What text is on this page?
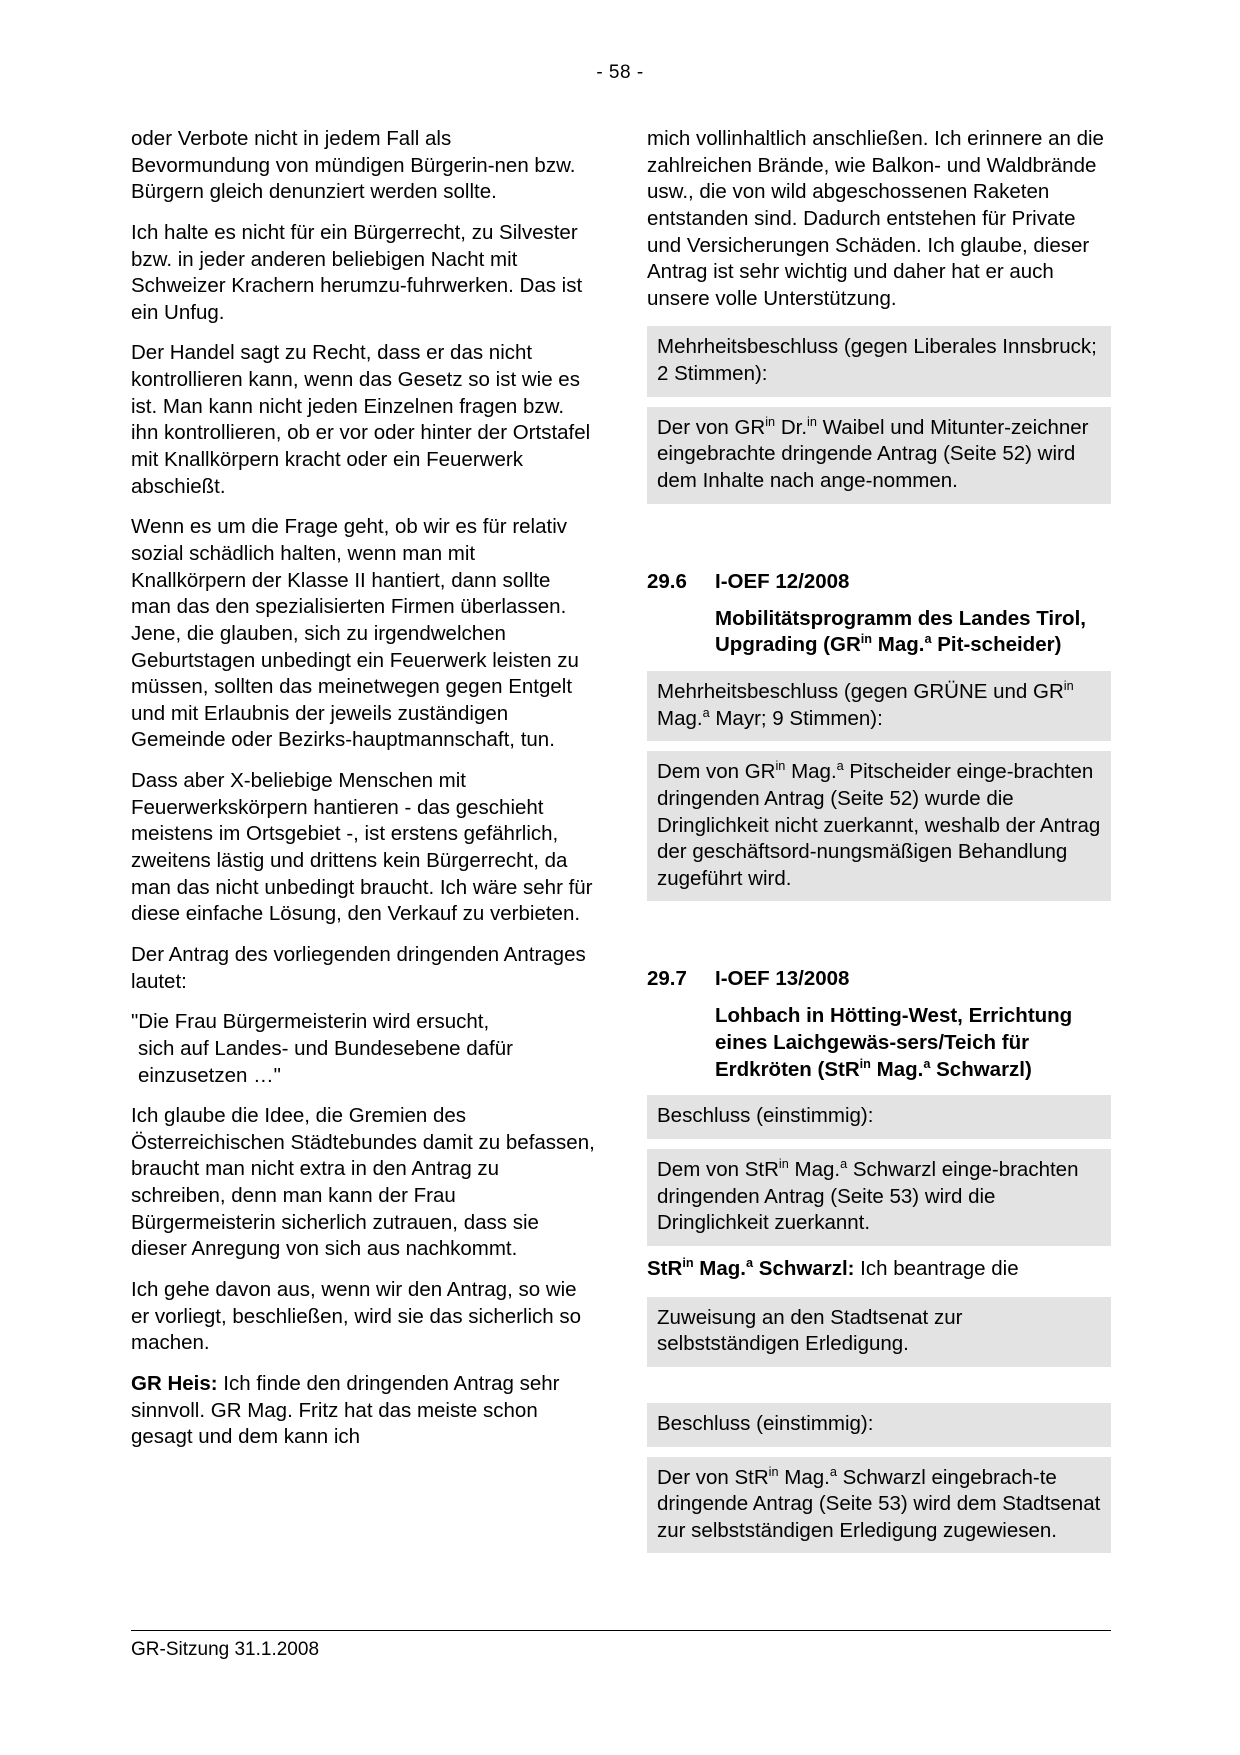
- 58 -

oder Verbote nicht in jedem Fall als Bevormundung von mündigen Bürgerin-nen bzw. Bürgern gleich denunziert werden sollte.

Ich halte es nicht für ein Bürgerrecht, zu Silvester bzw. in jeder anderen beliebigen Nacht mit Schweizer Krachern herumzu-fuhrwerken. Das ist ein Unfug.

Der Handel sagt zu Recht, dass er das nicht kontrollieren kann, wenn das Gesetz so ist wie es ist. Man kann nicht jeden Einzelnen fragen bzw. ihn kontrollieren, ob er vor oder hinter der Ortstafel mit Knallkörpern kracht oder ein Feuerwerk abschießt.

Wenn es um die Frage geht, ob wir es für relativ sozial schädlich halten, wenn man mit Knallkörpern der Klasse II hantiert, dann sollte man das den spezialisierten Firmen überlassen. Jene, die glauben, sich zu irgendwelchen Geburtstagen unbedingt ein Feuerwerk leisten zu müssen, sollten das meinetwegen gegen Entgelt und mit Erlaubnis der jeweils zuständigen Gemeinde oder Bezirks-hauptmannschaft, tun.

Dass aber X-beliebige Menschen mit Feuerwerkskörpern hantieren - das geschieht meistens im Ortsgebiet -, ist erstens gefährlich, zweitens lästig und drittens kein Bürgerrecht, da man das nicht unbedingt braucht. Ich wäre sehr für diese einfache Lösung, den Verkauf zu verbieten.

Der Antrag des vorliegenden dringenden Antrages lautet:

"Die Frau Bürgermeisterin wird ersucht,
sich auf Landes- und Bundesebene dafür
einzusetzen …"

Ich glaube die Idee, die Gremien des Österreichischen Städtebundes damit zu befassen, braucht man nicht extra in den Antrag zu schreiben, denn man kann der Frau Bürgermeisterin sicherlich zutrauen, dass sie dieser Anregung von sich aus nachkommt.

Ich gehe davon aus, wenn wir den Antrag, so wie er vorliegt, beschließen, wird sie das sicherlich so machen.

GR Heis: Ich finde den dringenden Antrag sehr sinnvoll. GR Mag. Fritz hat das meiste schon gesagt und dem kann ich

mich vollinhaltlich anschließen. Ich erinnere an die zahlreichen Brände, wie Balkon- und Waldbrände usw., die von wild abgeschossenen Raketen entstanden sind. Dadurch entstehen für Private und Versicherungen Schäden. Ich glaube, dieser Antrag ist sehr wichtig und daher hat er auch unsere volle Unterstützung.

Mehrheitsbeschluss (gegen Liberales Innsbruck; 2 Stimmen):
Der von $GR^{in}$ Dr.$^{in}$ Waibel und Mitunter-zeichner eingebrachte dringende Antrag (Seite 52) wird dem Inhalte nach ange-nommen.
29.6	I-OEF 12/2008
Mobilitätsprogramm des Landes Tirol, Upgrading ($GR^{in}$ Mag.$^a$ Pit-scheider)
Mehrheitsbeschluss (gegen GRÜNE und $GR^{in}$ Mag.$^a$ Mayr; 9 Stimmen):
Dem von $GR^{in}$ Mag.$^a$ Pitscheider einge-brachten dringenden Antrag (Seite 52) wurde die Dringlichkeit nicht zuerkannt, weshalb der Antrag der geschäftsord-nungsmäßigen Behandlung zugeführt wird.
29.7	I-OEF 13/2008
Lohbach in Hötting-West, Errichtung eines Laichgewäs-sers/Teich für Erdkröten (StR$^{in}$ Mag.$^a$ Schwarzl)
Beschluss (einstimmig):
Dem von StR$^{in}$ Mag.$^a$ Schwarzl einge-brachten dringenden Antrag (Seite 53) wird die Dringlichkeit zuerkannt.

StR$^{in}$ Mag.$^a$ Schwarzl: Ich beantrage die

Zuweisung an den Stadtsenat zur selbstständigen Erledigung.
Beschluss (einstimmig):
Der von StR$^{in}$ Mag.$^a$ Schwarzl eingebrach-te dringende Antrag (Seite 53) wird dem Stadtsenat zur selbstständigen Erledigung zugewiesen.
GR-Sitzung 31.1.2008
